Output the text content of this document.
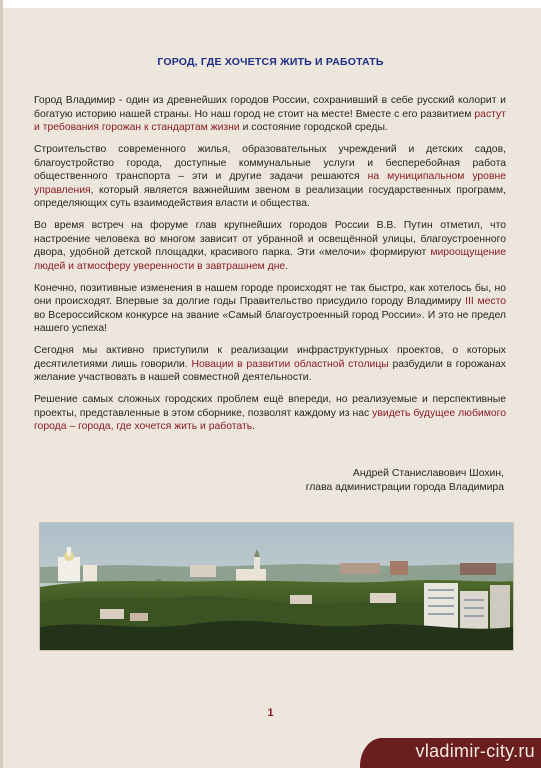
ГОРОД, ГДЕ ХОЧЕТСЯ ЖИТЬ И РАБОТАТЬ

Город Владимир - один из древнейших городов России, сохранивший в себе русский колорит и богатую историю нашей страны. Но наш город не стоит на месте! Вместе с его развитием растут и требования горожан к стандартам жизни и состояние городской среды.

Строительство современного жилья, образовательных учреждений и детских садов, благоустройство города, доступные коммунальные услуги и бесперебойная работа общественного транспорта – эти и другие задачи решаются на муниципальном уровне управления, который является важнейшим звеном в реализации государственных программ, определяющих суть взаимодействия власти и общества.

Во время встреч на форуме глав крупнейших городов России В.В. Путин отметил, что настроение человека во многом зависит от убранной и освещённой улицы, благоустроенного двора, удобной детской площадки, красивого парка. Эти «мелочи» формируют мироощущение людей и атмосферу уверенности в завтрашнем дне.

Конечно, позитивные изменения в нашем городе происходят не так быстро, как хотелось бы, но они происходят. Впервые за долгие годы Правительство присудило городу Владимиру III место во Всероссийском конкурсе на звание «Самый благоустроенный город России». И это не предел нашего успеха!

Сегодня мы активно приступили к реализации инфраструктурных проектов, о которых десятилетиями лишь говорили. Новации в развитии областной столицы разбудили в горожанах желание участвовать в нашей совместной деятельности.

Решение самых сложных городских проблем ещё впереди, но реализуемые и перспективные проекты, представленные в этом сборнике, позволят каждому из нас увидеть будущее любимого города – города, где хочется жить и работать.

Андрей Станиславович Шохин,
глава администрации города Владимира
1
vladimir-city.ru
